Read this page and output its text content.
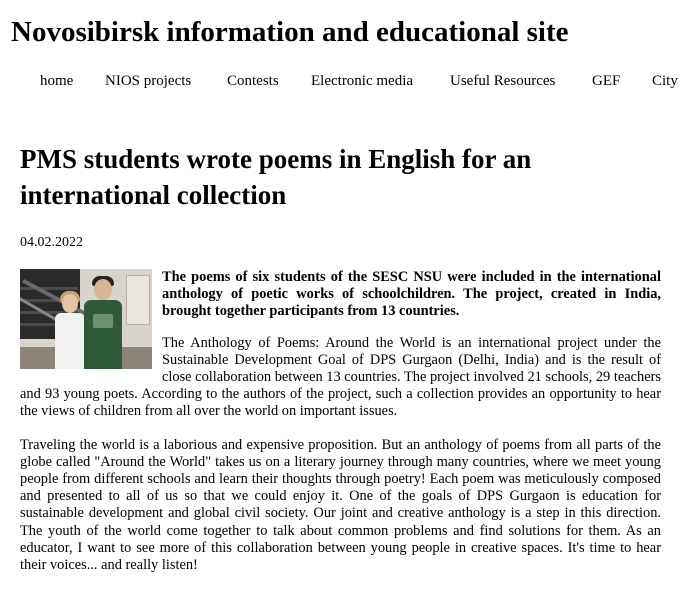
Novosibirsk information and educational site
home NIOS projects Contests Electronic media Useful Resources GEF City
PMS students wrote poems in English for an international collection
04.02.2022

The poems of six students of the SESC NSU were included in the international anthology of poetic works of schoolchildren. The project, created in India, brought together participants from 13 countries.

The Anthology of Poems: Around the World is an international project under the Sustainable Development Goal of DPS Gurgaon (Delhi, India) and is the result of close collaboration between 13 countries. The project involved 21 schools, 29 teachers and 93 young poets. According to the authors of the project, such a collection provides an opportunity to hear the views of children from all over the world on important issues.

Traveling the world is a laborious and expensive proposition. But an anthology of poems from all parts of the globe called "Around the World" takes us on a literary journey through many countries, where we meet young people from different schools and learn their thoughts through poetry! Each poem was meticulously composed and presented to all of us so that we could enjoy it. One of the goals of DPS Gurgaon is education for sustainable development and global civil society. Our joint and creative anthology is a step in this direction. The youth of the world come together to talk about common problems and find solutions for them. As an educator, I want to see more of this collaboration between young people in creative spaces. It's time to hear their voices... and really listen!
